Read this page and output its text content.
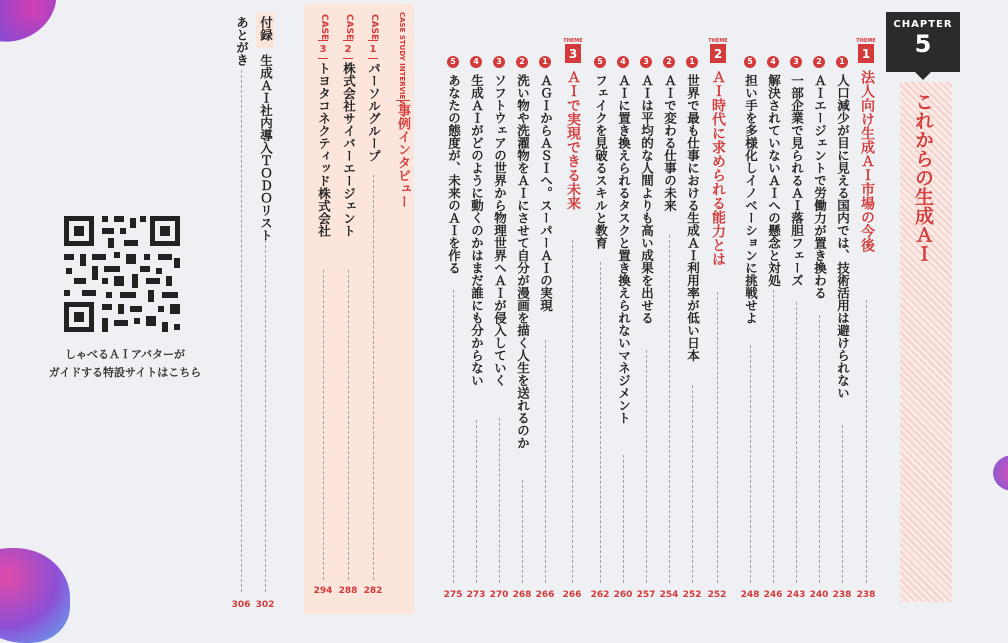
CHAPTER
5
これからの生成ＡＩ
THEME
1
法人向け生成ＡＩ市場の今後
238
1
人口減少が目に見える国内では、技術活用は避けられない
238
2
ＡＩエージェントで労働力が置き換わる
240
3
一部企業で見られるＡＩ落胆フェーズ
243
4
解決されていないＡＩへの懸念と対処
246
5
担い手を多様化しイノベーションに挑戦せよ
248
THEME
2
ＡＩ時代に求められる能力とは
252
1
世界で最も仕事における生成ＡＩ利用率が低い日本
252
2
ＡＩで変わる仕事の未来
254
3
ＡＩは平均的な人間よりも高い成果を出せる
257
4
ＡＩに置き換えられるタスクと置き換えられないマネジメント
260
5
フェイクを見破るスキルと教育
262
THEME
3
ＡＩで実現できる未来
266
1
ＡＧＩからＡＳＩへ。スーパーＡＩの実現
266
2
洗い物や洗濯物をＡＩにさせて自分が漫画を描く人生を送れるのか
268
3
ソフトウェアの世界から物理世界へＡＩが侵入していく
270
4
生成ＡＩがどのように動くのかはまだ誰にも分からない
273
5
あなたの態度が、未来のＡＩを作る
275
CASE STUDY INTERVIEW
事例インタビュー
CASE
1
パーソルグループ
282
CASE
2
株式会社サイバーエージェント
288
CASE
3
トヨタコネクティッド株式会社
294
付録
生成ＡＩ社内導入ＴＯＤＯリスト
302
あとがき
306
しゃべるＡＩアバターが
ガイドする特設サイトはこちら
